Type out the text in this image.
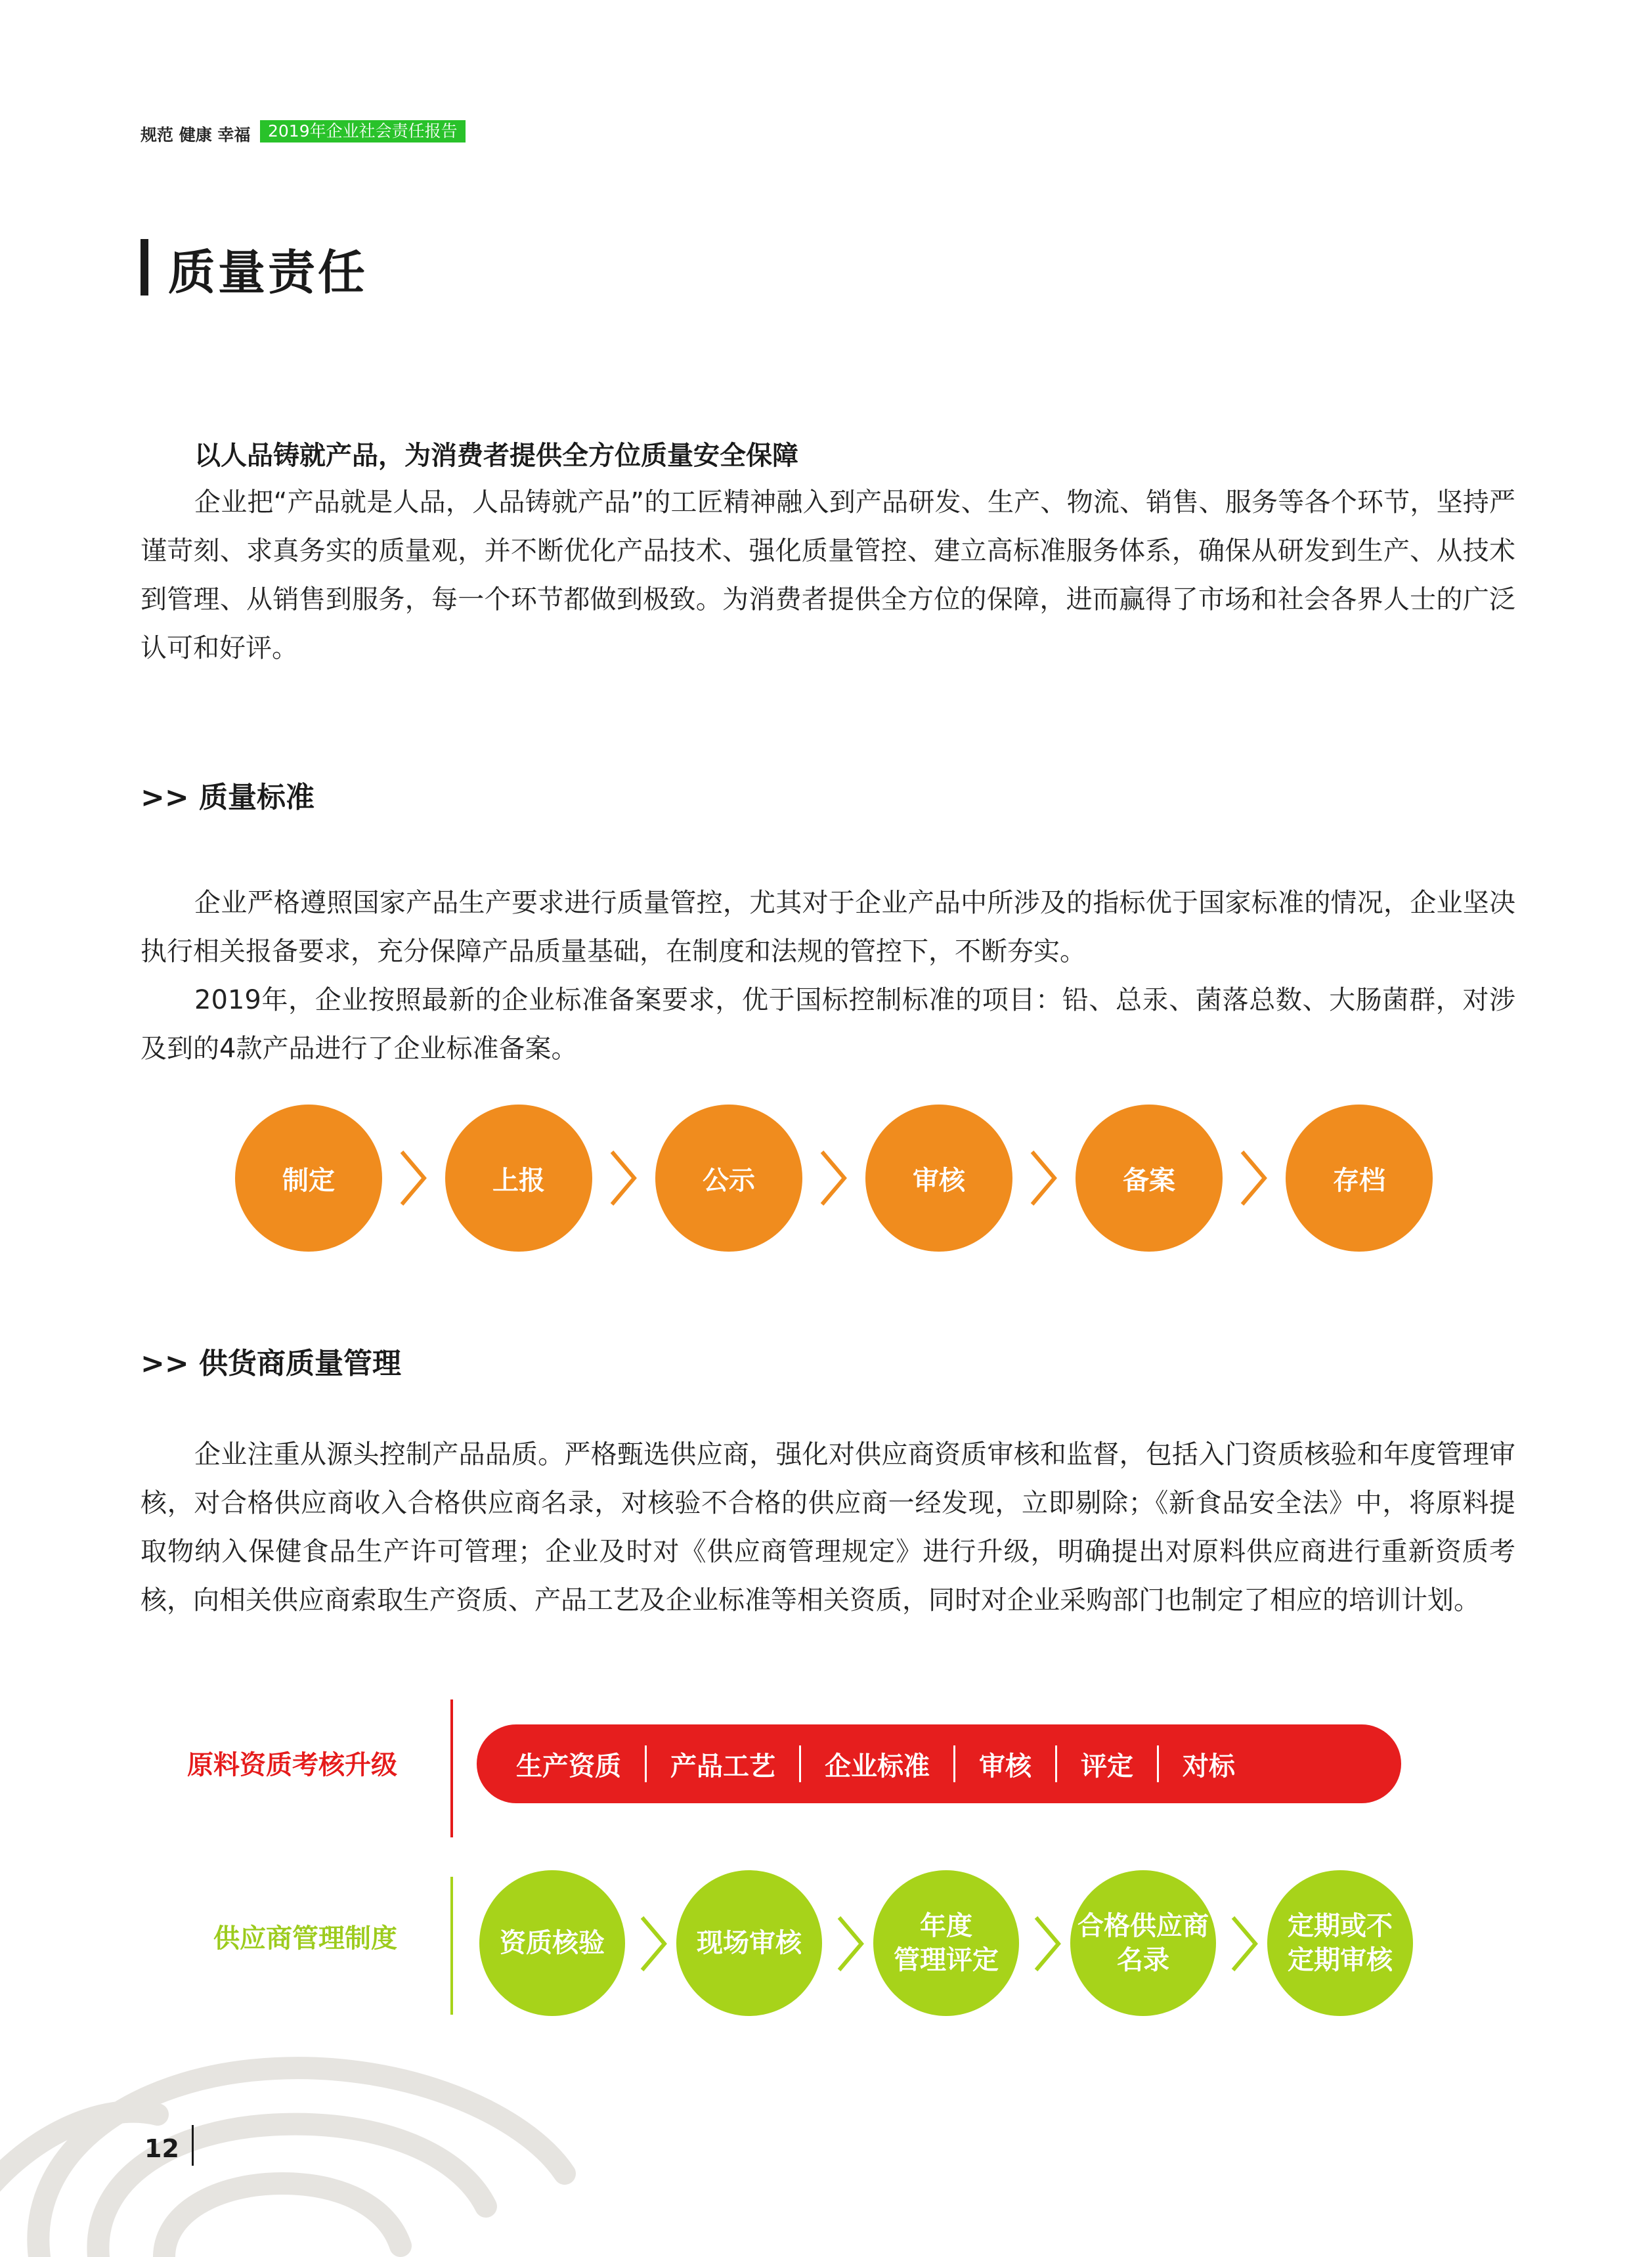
规范 健康 幸福	2019年企业社会责任报告
质量责任
以人品铸就产品，为消费者提供全方位质量安全保障

企业把“产品就是人品，人品铸就产品”的工匠精神融入到产品研发、生产、物流、销售、服务等各个环节，坚持严谨苛刻、求真务实的质量观，并不断优化产品技术、强化质量管控、建立高标准服务体系，确保从研发到生产、从技术到管理、从销售到服务，每一个环节都做到极致。为消费者提供全方位的保障，进而赢得了市场和社会各界人士的广泛认可和好评。

>> 质量标准

企业严格遵照国家产品生产要求进行质量管控，尤其对于企业产品中所涉及的指标优于国家标准的情况，企业坚决执行相关报备要求，充分保障产品质量基础，在制度和法规的管控下，不断夯实。

2019年，企业按照最新的企业标准备案要求，优于国标控制标准的项目：铅、总汞、菌落总数、大肠菌群，对涉及到的4款产品进行了企业标准备案。

制定	上报	公示	审核	备案	存档
>> 供货商质量管理

企业注重从源头控制产品品质。严格甄选供应商，强化对供应商资质审核和监督，包括入门资质核验和年度管理审核，对合格供应商收入合格供应商名录，对核验不合格的供应商一经发现，立即剔除；《新食品安全法》中，将原料提取物纳入保健食品生产许可管理；企业及时对《供应商管理规定》进行升级，明确提出对原料供应商进行重新资质考核，向相关供应商索取生产资质、产品工艺及企业标准等相关资质，同时对企业采购部门也制定了相应的培训计划。

原料资质考核升级	生产资质 产品工艺 企业标准 审核 评定 对标
供应商管理制度	资质核验	现场审核
年度
管理评定
合格供应商
名录
定期或不
定期审核
12
